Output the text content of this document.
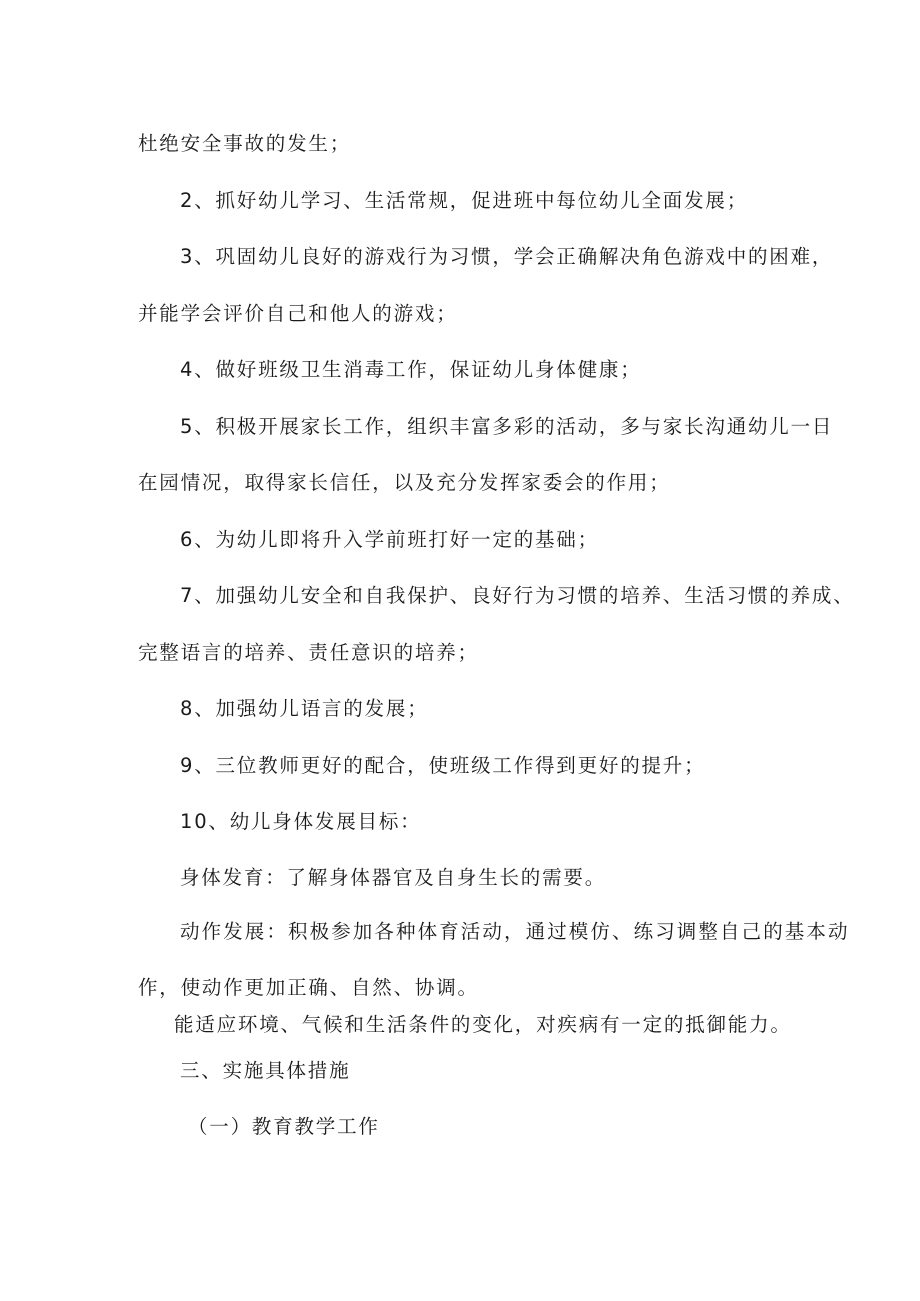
杜绝安全事故的发生；
2、抓好幼儿学习、生活常规，促进班中每位幼儿全面发展；
3、巩固幼儿良好的游戏行为习惯，学会正确解决角色游戏中的困难，
并能学会评价自己和他人的游戏；
4、做好班级卫生消毒工作，保证幼儿身体健康；
5、积极开展家长工作，组织丰富多彩的活动，多与家长沟通幼儿一日
在园情况，取得家长信任，以及充分发挥家委会的作用；
6、为幼儿即将升入学前班打好一定的基础；
7、加强幼儿安全和自我保护、良好行为习惯的培养、生活习惯的养成、
完整语言的培养、责任意识的培养；
8、加强幼儿语言的发展；
9、三位教师更好的配合，使班级工作得到更好的提升；
10、幼儿身体发展目标：
身体发育：了解身体器官及自身生长的需要。
动作发展：积极参加各种体育活动，通过模仿、练习调整自己的基本动
作，使动作更加正确、自然、协调。
能适应环境、气候和生活条件的变化，对疾病有一定的抵御能力。
三、实施具体措施
（一）教育教学工作
